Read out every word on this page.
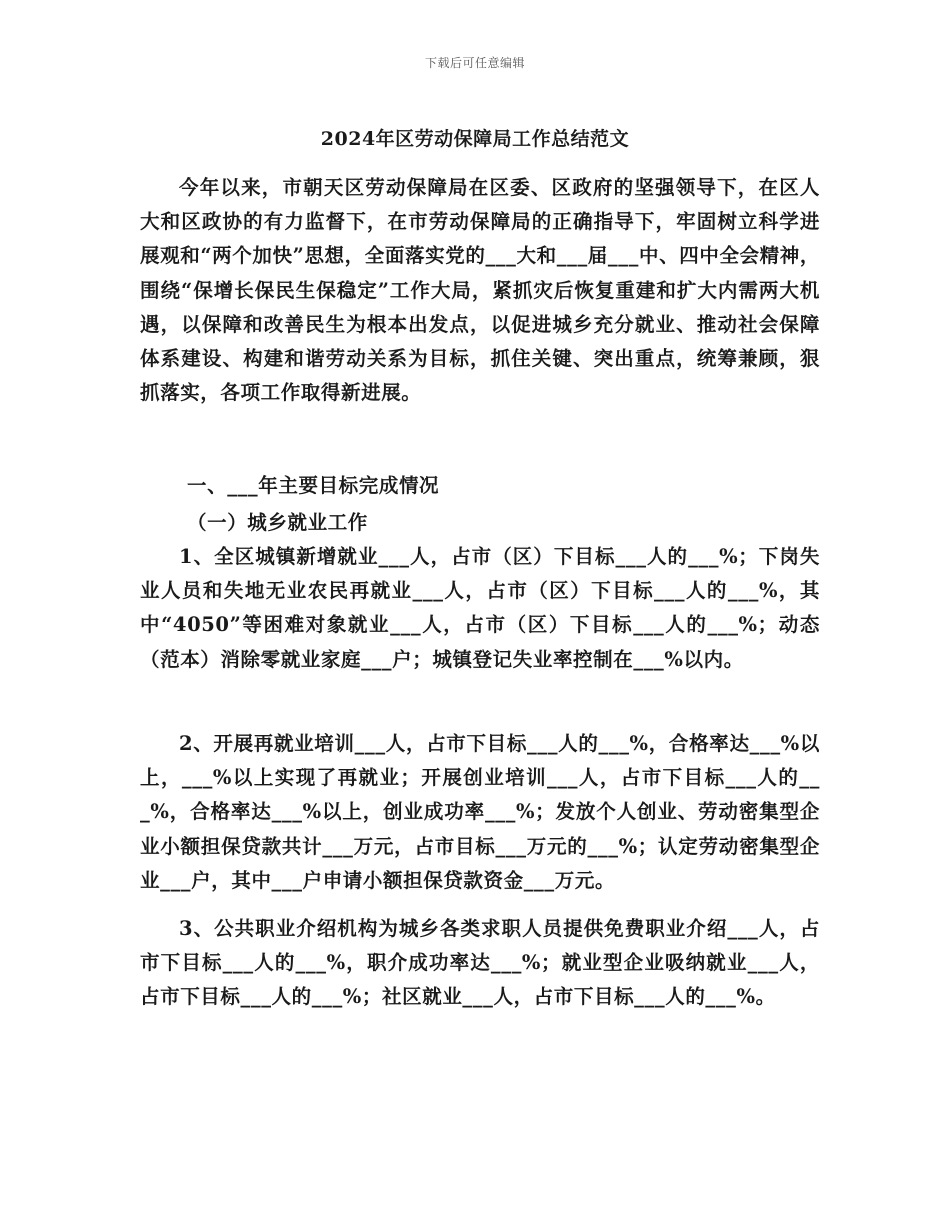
下载后可任意编辑
2024年区劳动保障局工作总结范文
今年以来，市朝天区劳动保障局在区委、区政府的坚强领导下，在区人大和区政协的有力监督下，在市劳动保障局的正确指导下，牢固树立科学进展观和“两个加快”思想，全面落实党的___大和___届___中、四中全会精神，围绕“保增长保民生保稳定”工作大局，紧抓灾后恢复重建和扩大内需两大机遇，以保障和改善民生为根本出发点，以促进城乡充分就业、推动社会保障体系建设、构建和谐劳动关系为目标，抓住关键、突出重点，统筹兼顾，狠抓落实，各项工作取得新进展。
一、___年主要目标完成情况
（一）城乡就业工作
1、全区城镇新增就业___人，占市（区）下目标___人的___%；下岗失业人员和失地无业农民再就业___人，占市（区）下目标___人的___%，其中“4050”等困难对象就业___人，占市（区）下目标___人的___%；动态（范本）消除零就业家庭___户；城镇登记失业率控制在___%以内。
2、开展再就业培训___人，占市下目标___人的___%，合格率达___%以上，___%以上实现了再就业；开展创业培训___人，占市下目标___人的___%，合格率达___%以上，创业成功率___%；发放个人创业、劳动密集型企业小额担保贷款共计___万元，占市目标___万元的___%；认定劳动密集型企业___户，其中___户申请小额担保贷款资金___万元。
3、公共职业介绍机构为城乡各类求职人员提供免费职业介绍___人，占市下目标___人的___%，职介成功率达___%；就业型企业吸纳就业___人，占市下目标___人的___%；社区就业___人，占市下目标___人的___%。
